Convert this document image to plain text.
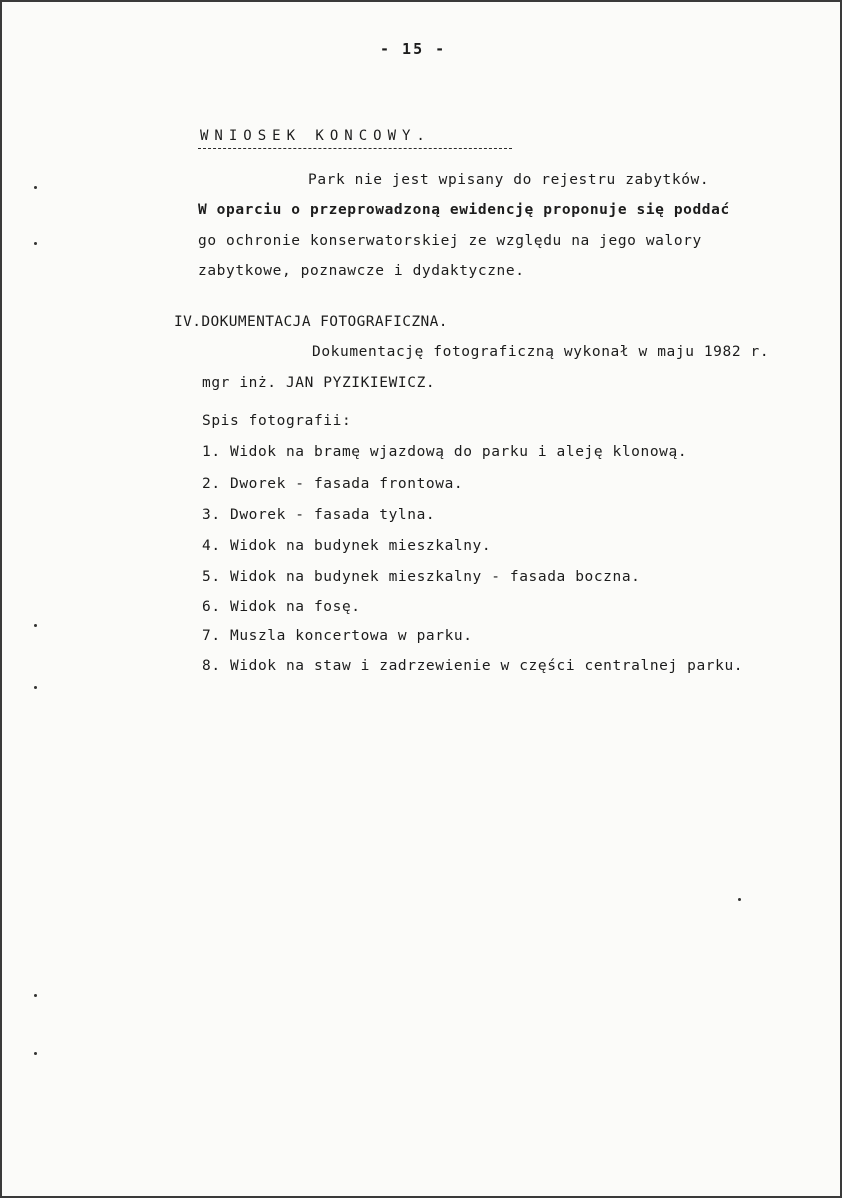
- 15 -
WNIOSEK KONCOWY.
Park nie jest wpisany do rejestru zabytków.
W oparciu o przeprowadzoną ewidencję proponuje się poddać
go ochronie konserwatorskiej ze względu na jego walory
zabytkowe, poznawcze i dydaktyczne.
IV.DOKUMENTACJA FOTOGRAFICZNA.
Dokumentację fotograficzną wykonał w maju 1982 r.
mgr inż. JAN PYZIKIEWICZ.
Spis fotografii:
1. Widok na bramę wjazdową do parku i aleję klonową.
2. Dworek - fasada frontowa.
3. Dworek - fasada tylna.
4. Widok na budynek mieszkalny.
5. Widok na budynek mieszkalny - fasada boczna.
6. Widok na fosę.
7. Muszla koncertowa w parku.
8. Widok na staw i zadrzewienie w części centralnej parku.
